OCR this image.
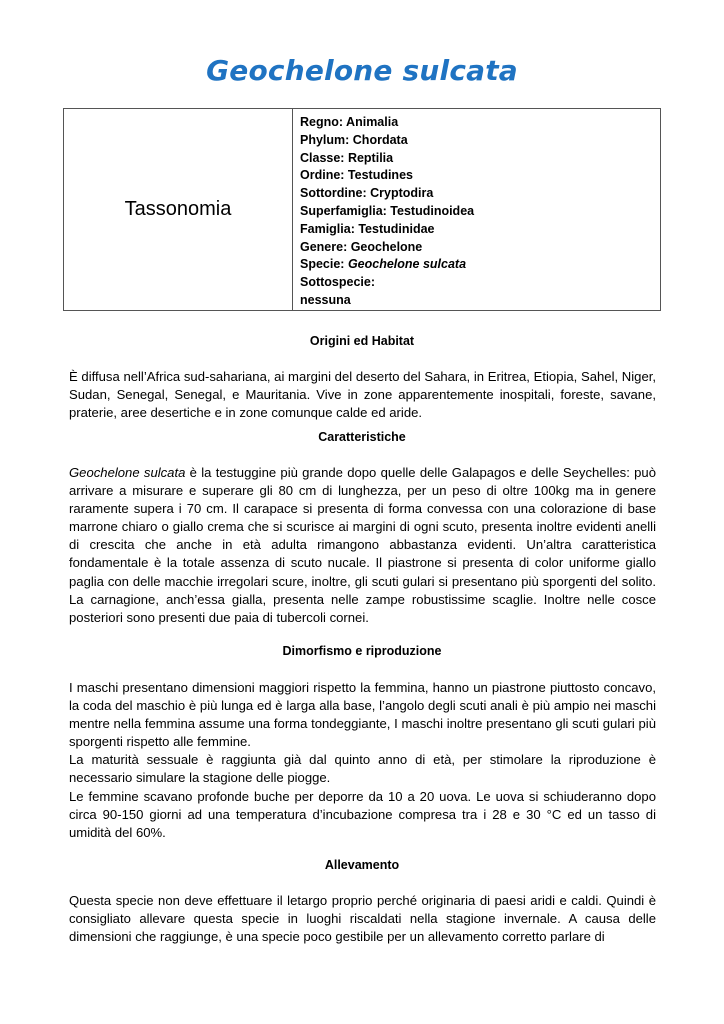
Geochelone sulcata
Tassonomia
Regno: Animalia
Phylum: Chordata
Classe: Reptilia
Ordine: Testudines
Sottordine: Cryptodira
Superfamiglia: Testudinoidea
Famiglia: Testudinidae
Genere: Geochelone
Specie: Geochelone sulcata
Sottospecie:
nessuna
Origini ed Habitat

È diffusa nell’Africa sud-sahariana, ai margini del deserto del Sahara, in Eritrea, Etiopia, Sahel, Niger, Sudan, Senegal, Senegal, e Mauritania. Vive in zone apparentemente inospitali, foreste, savane, praterie, aree desertiche e in zone comunque calde ed aride.

Caratteristiche

Geochelone sulcata è la testuggine più grande dopo quelle delle Galapagos e delle Seychelles: può arrivare a misurare e superare gli 80 cm di lunghezza, per un peso di oltre 100kg ma in genere raramente supera i 70 cm. Il carapace si presenta di forma convessa con una colorazione di base marrone chiaro o giallo crema che si scurisce ai margini di ogni scuto, presenta inoltre evidenti anelli di crescita che anche in età adulta rimangono abbastanza evidenti. Un’altra caratteristica fondamentale è la totale assenza di scuto nucale. Il piastrone si presenta di color uniforme giallo paglia con delle macchie irregolari scure, inoltre, gli scuti gulari si presentano più sporgenti del solito. La carnagione, anch’essa gialla, presenta nelle zampe robustissime scaglie. Inoltre nelle cosce posteriori sono presenti due paia di tubercoli cornei.

Dimorfismo e riproduzione

I maschi presentano dimensioni maggiori rispetto la femmina, hanno un piastrone piuttosto concavo, la coda del maschio è più lunga ed è larga alla base, l’angolo degli scuti anali è più ampio nei maschi mentre nella femmina assume una forma tondeggiante, I maschi inoltre presentano gli scuti gulari più sporgenti rispetto alle femmine.

La maturità sessuale è raggiunta già dal quinto anno di età, per stimolare la riproduzione è necessario simulare la stagione delle piogge.

Le femmine scavano profonde buche per deporre da 10 a 20 uova. Le uova si schiuderanno dopo circa 90-150 giorni ad una temperatura d’incubazione compresa tra i 28 e 30 °C ed un tasso di umidità del 60%.

Allevamento

Questa specie non deve effettuare il letargo proprio perché originaria di paesi aridi e caldi. Quindi è consigliato allevare questa specie in luoghi riscaldati nella stagione invernale. A causa delle dimensioni che raggiunge, è una specie poco gestibile per un allevamento corretto parlare di
